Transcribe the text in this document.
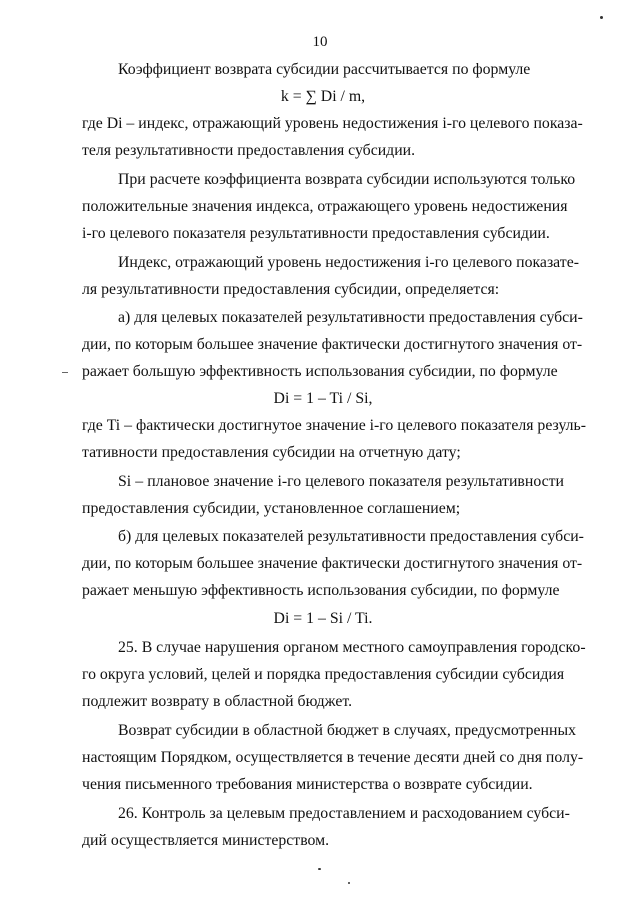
10
Коэффициент возврата субсидии рассчитывается по формуле
k = ∑ Di / m,
где Di – индекс, отражающий уровень недостижения i-го целевого показа-
теля результативности предоставления субсидии.
При расчете коэффициента возврата субсидии используются только
положительные значения индекса, отражающего уровень недостижения
i-го целевого показателя результативности предоставления субсидии.
Индекс, отражающий уровень недостижения i-го целевого показате-
ля результативности предоставления субсидии, определяется:
а) для целевых показателей результативности предоставления субси-
дии, по которым большее значение фактически достигнутого значения от-
ражает большую эффективность использования субсидии, по формуле
Di = 1 – Ti / Si,
где Ti – фактически достигнутое значение i-го целевого показателя резуль-
тативности предоставления субсидии на отчетную дату;
Si – плановое значение i-го целевого показателя результативности
предоставления субсидии, установленное соглашением;
б) для целевых показателей результативности предоставления субси-
дии, по которым большее значение фактически достигнутого значения от-
ражает меньшую эффективность использования субсидии, по формуле
Di = 1 – Si / Ti.
25. В случае нарушения органом местного самоуправления городско-
го округа условий, целей и порядка предоставления субсидии субсидия
подлежит возврату в областной бюджет.
Возврат субсидии в областной бюджет в случаях, предусмотренных
настоящим Порядком, осуществляется в течение десяти дней со дня полу-
чения письменного требования министерства о возврате субсидии.
26. Контроль за целевым предоставлением и расходованием субси-
дий осуществляется министерством.
